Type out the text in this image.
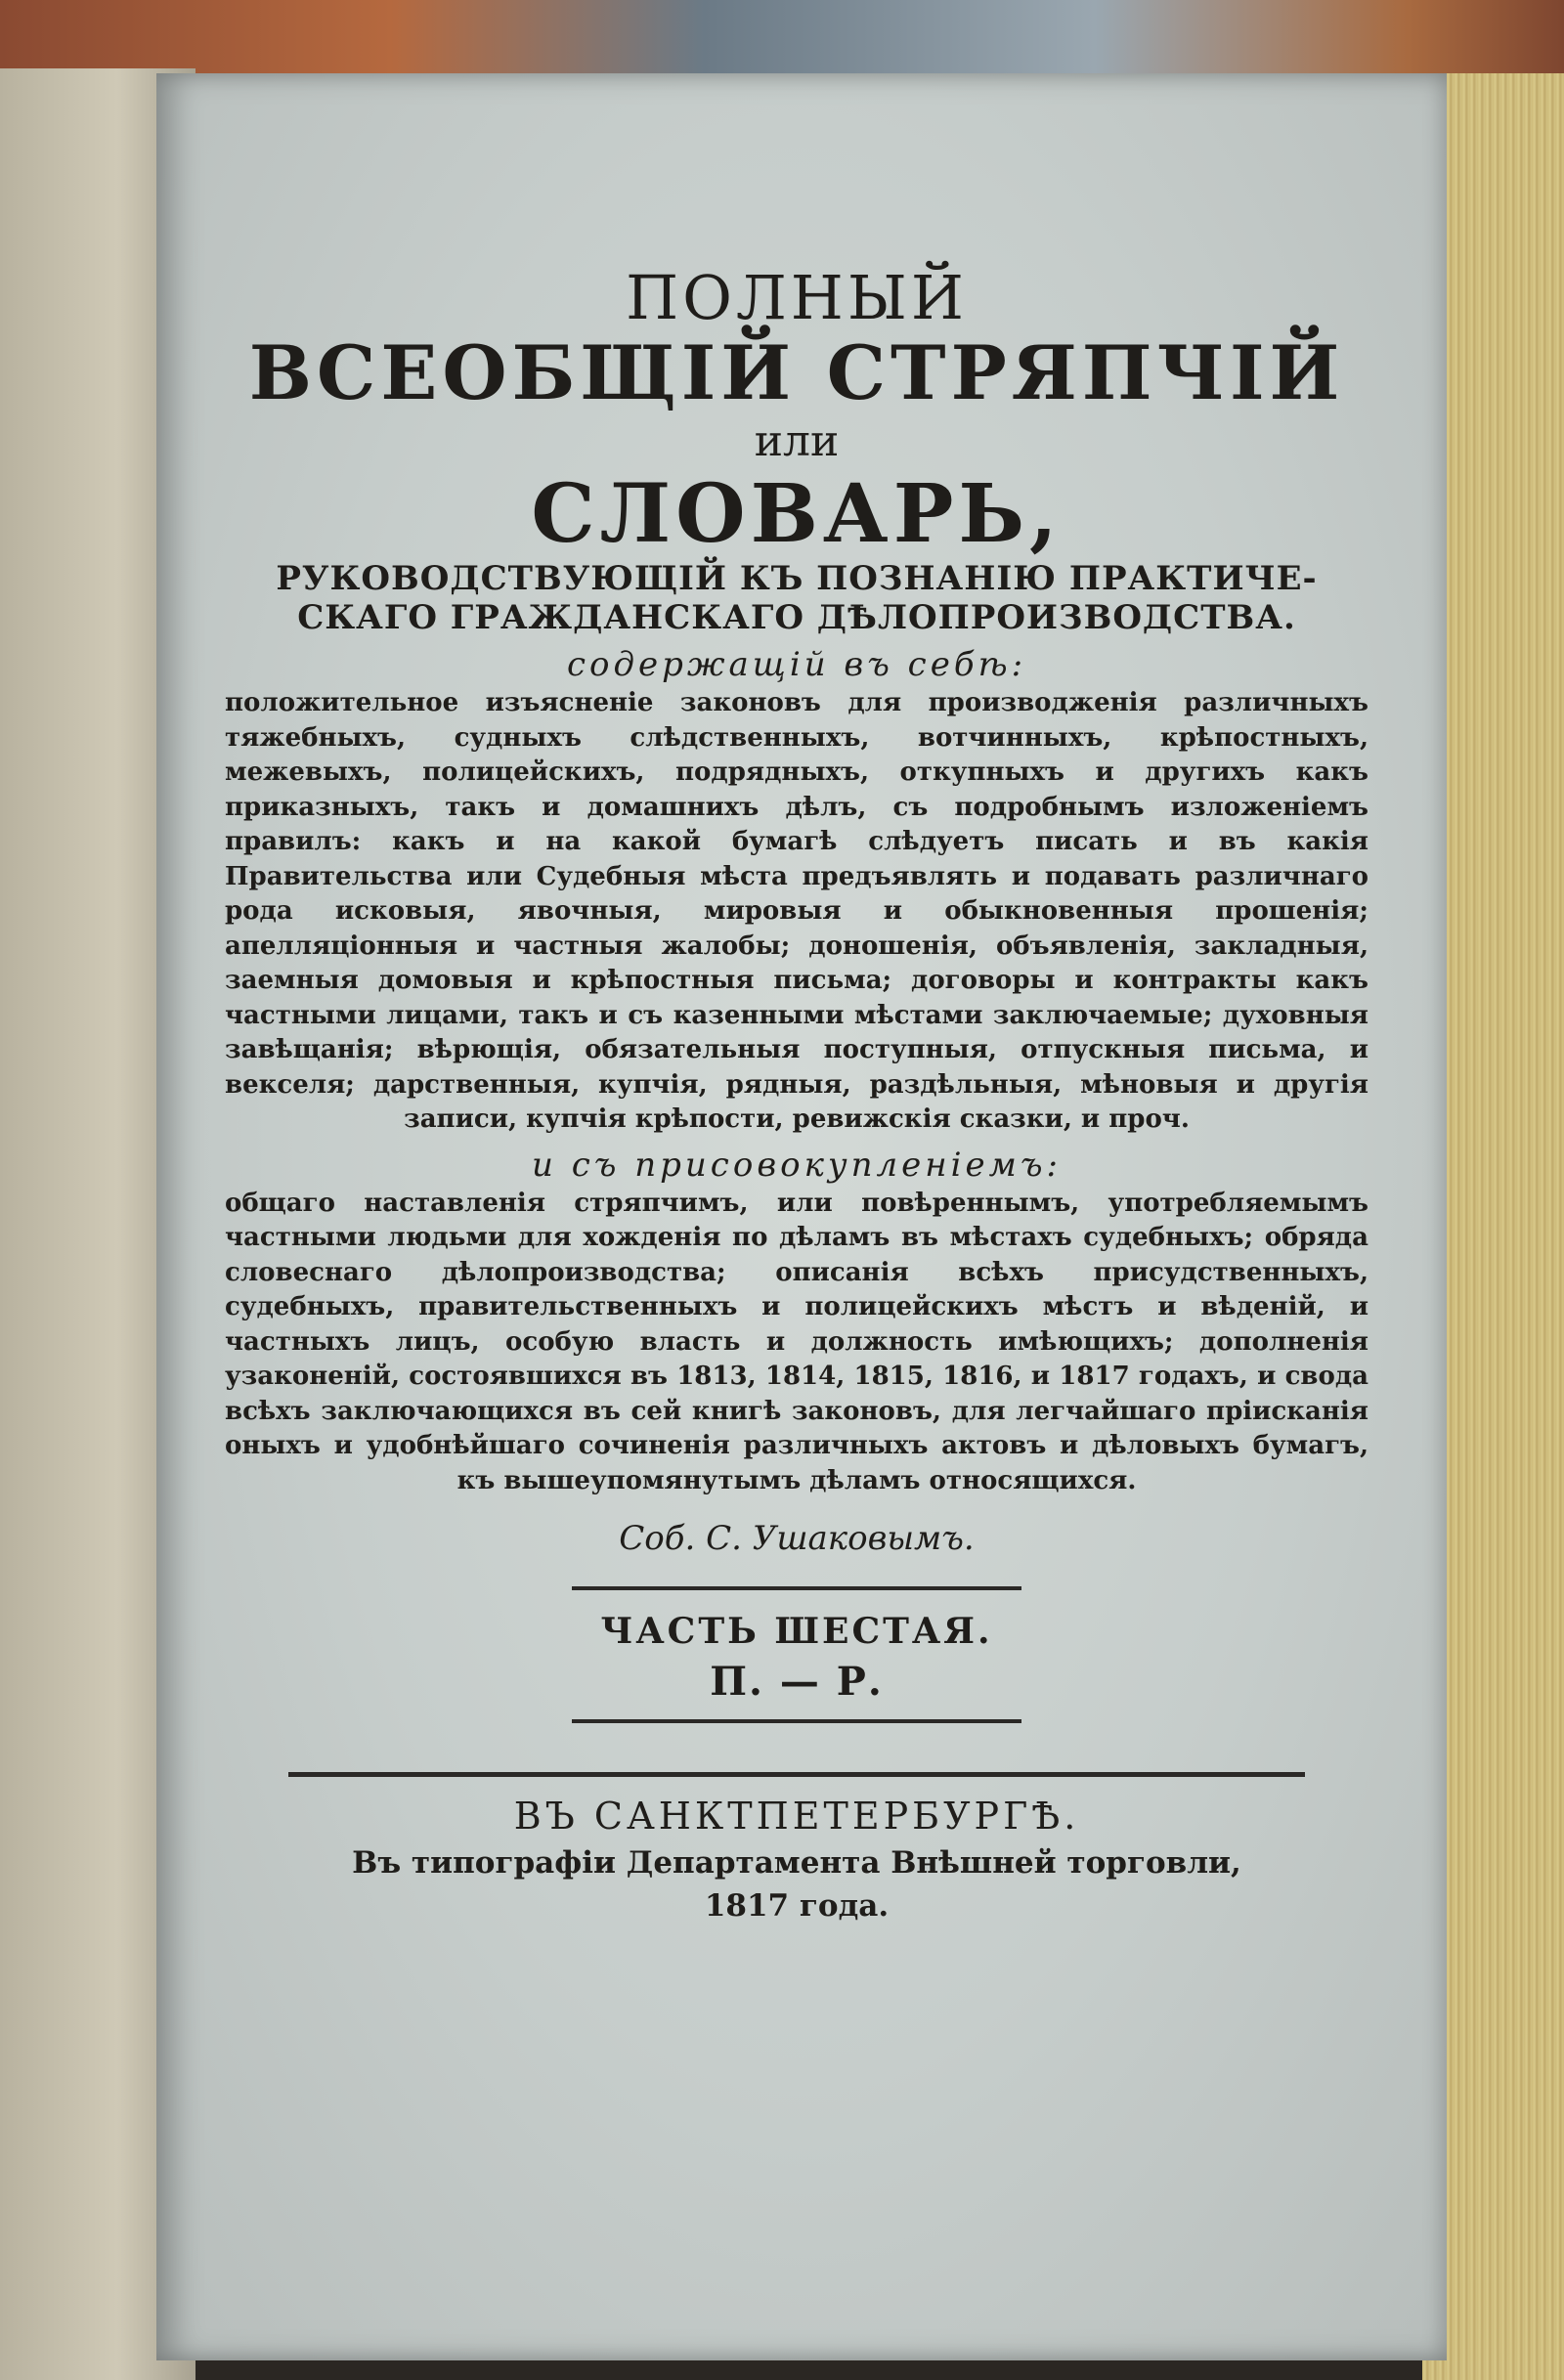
ПОЛНЫЙ
ВСЕОБЩІЙ СТРЯПЧІЙ
или
СЛОВАРЬ,
РУКОВОДСТВУЮЩІЙ КЪ ПОЗНАНІЮ ПРАКТИЧЕ-
СКАГО ГРАЖДАНСКАГО ДѢЛОПРОИЗВОДСТВА.
содержащій въ себѣ:
положительное изъясненіе законовъ для производженія различныхъ тяжебныхъ, судныхъ слѣдственныхъ, вотчинныхъ, крѣпостныхъ, межевыхъ, полицейскихъ, подрядныхъ, откупныхъ и другихъ какъ приказныхъ, такъ и домашнихъ дѣлъ, съ подробнымъ изложеніемъ правилъ: какъ и на какой бумагѣ слѣдуетъ писать и въ какія Правительства или Судебныя мѣста предъявлять и подавать различнаго рода исковыя, явочныя, мировыя и обыкновенныя прошенія; апелляціонныя и частныя жалобы; доношенія, объявленія, закладныя, заемныя домовыя и крѣпостныя письма; договоры и контракты какъ частными лицами, такъ и съ казенными мѣстами заключаемые; духовныя завѣщанія; вѣрющія, обязательныя поступныя, отпускныя письма, и векселя; дарственныя, купчія, рядныя, раздѣльныя, мѣновыя и другія записи, купчія крѣпости, ревижскія сказки, и проч.
и съ присовокупленіемъ:
общаго наставленія стряпчимъ, или повѣреннымъ, употребляемымъ частными людьми для хожденія по дѣламъ въ мѣстахъ судебныхъ; обряда словеснаго дѣлопроизводства; описанія всѣхъ присудственныхъ, судебныхъ, правительственныхъ и полицейскихъ мѣстъ и вѣденій, и частныхъ лицъ, особую власть и должность имѣющихъ; дополненія узаконеній, состоявшихся въ 1813, 1814, 1815, 1816, и 1817 годахъ, и свода всѣхъ заключающихся въ сей книгѣ законовъ, для легчайшаго прiисканія оныхъ и удобнѣйшаго сочиненія различныхъ актовъ и дѣловыхъ бумагъ, къ вышеупомянутымъ дѣламъ относящихся.
Соб. С. Ушаковымъ.
ЧАСТЬ ШЕСТАЯ.
П. — Р.
ВЪ САНКТПЕТЕРБУРГѢ.
Въ типографіи Департамента Внѣшней торговли,
1817 года.
